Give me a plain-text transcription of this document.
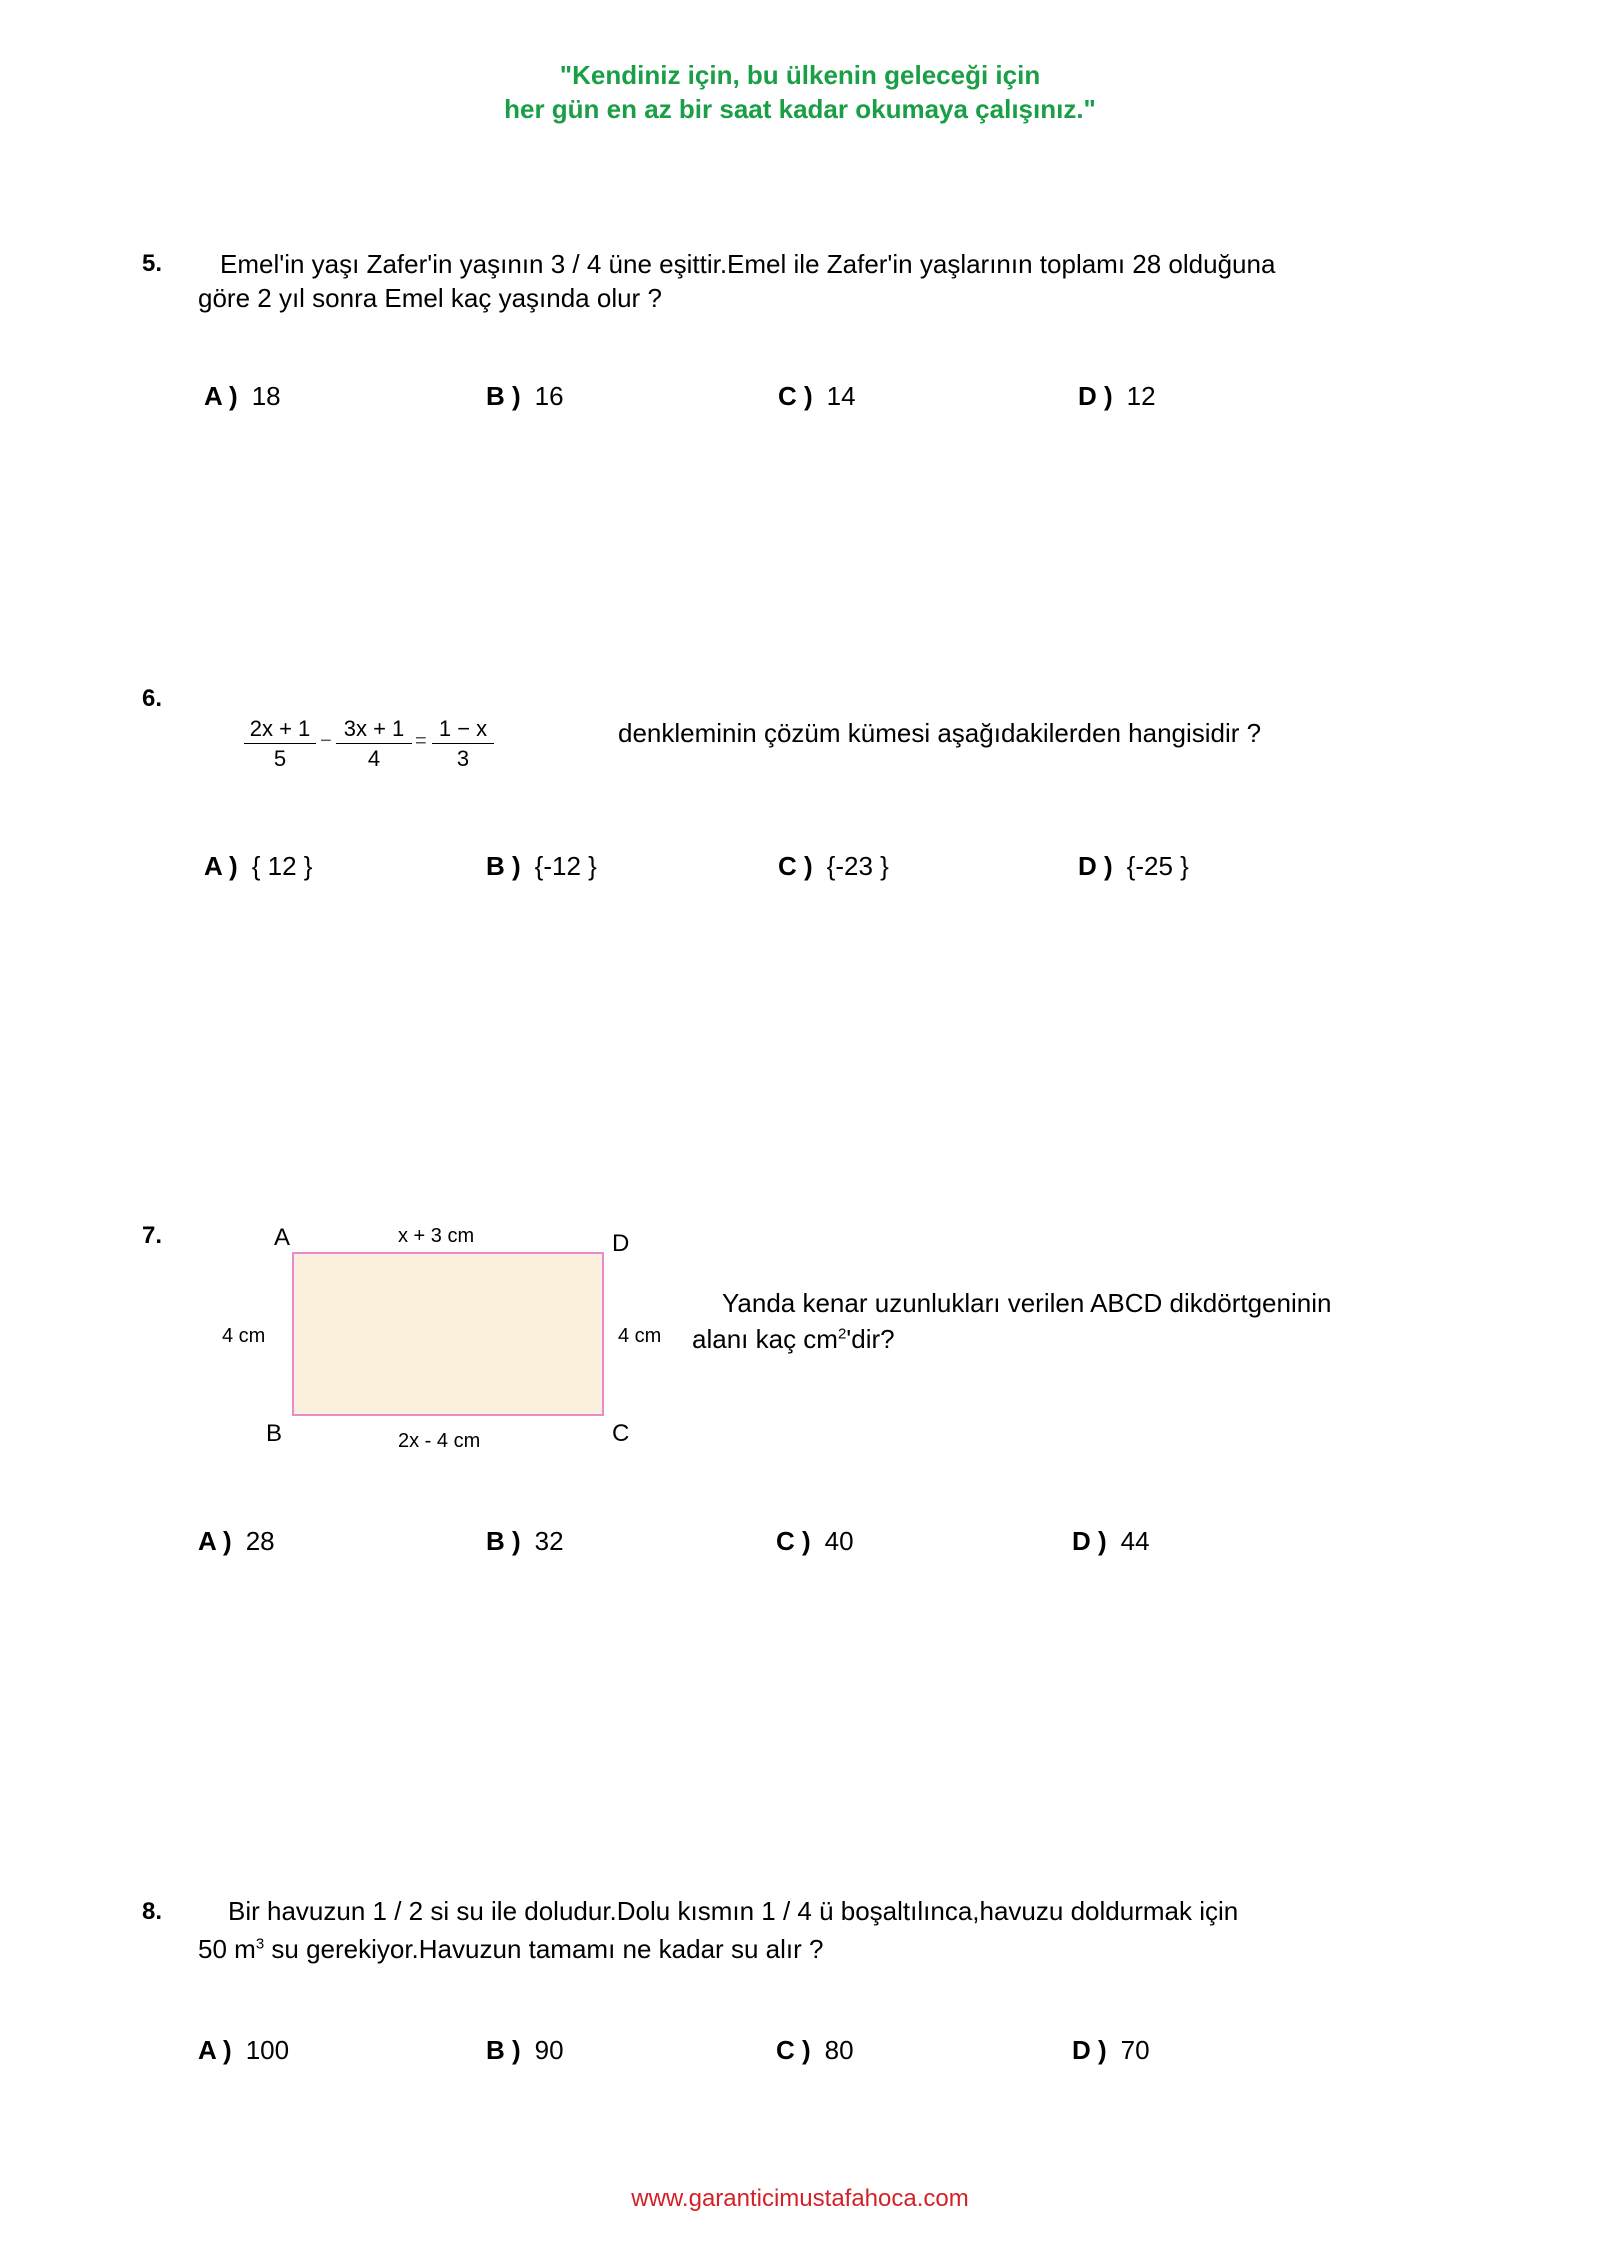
"Kendiniz için, bu ülkenin geleceği için
her gün en az bir saat kadar okumaya çalışınız."
5. Emel'in yaşı Zafer'in yaşının 3 / 4 üne eşittir.Emel ile Zafer'in yaşlarının toplamı 28 olduğuna
göre 2 yıl sonra Emel kaç yaşında olur ?
A ) 18	B ) 16	C ) 14	D ) 12
6.
$\frac{2x + 1}{5} - \frac{3x + 1}{4} = \frac{1 - x}{3}$	denkleminin çözüm kümesi aşağıdakilerden hangisidir ?
A ) { 12 }	B ) {-12 }	C ) {-23 }	D ) {-25 }
7.	A	D
B	C
x + 3 cm
2x - 4 cm
4 cm	4 cm
Yanda kenar uzunlukları verilen ABCD dikdörtgeninin
alanı kaç $cm^2'dir$?
A ) 28	B ) 32	C ) 40	D ) 44
8.	Bir havuzun 1 / 2 si su ile doludur.Dolu kısmın 1 / 4 ü boşaltılınca,havuzu doldurmak için
50 $m^3$ su gerekiyor.Havuzun tamamı ne kadar su alır ?
A ) 100	B ) 90	C ) 80	D ) 70
www.garanticimustafahoca.com
